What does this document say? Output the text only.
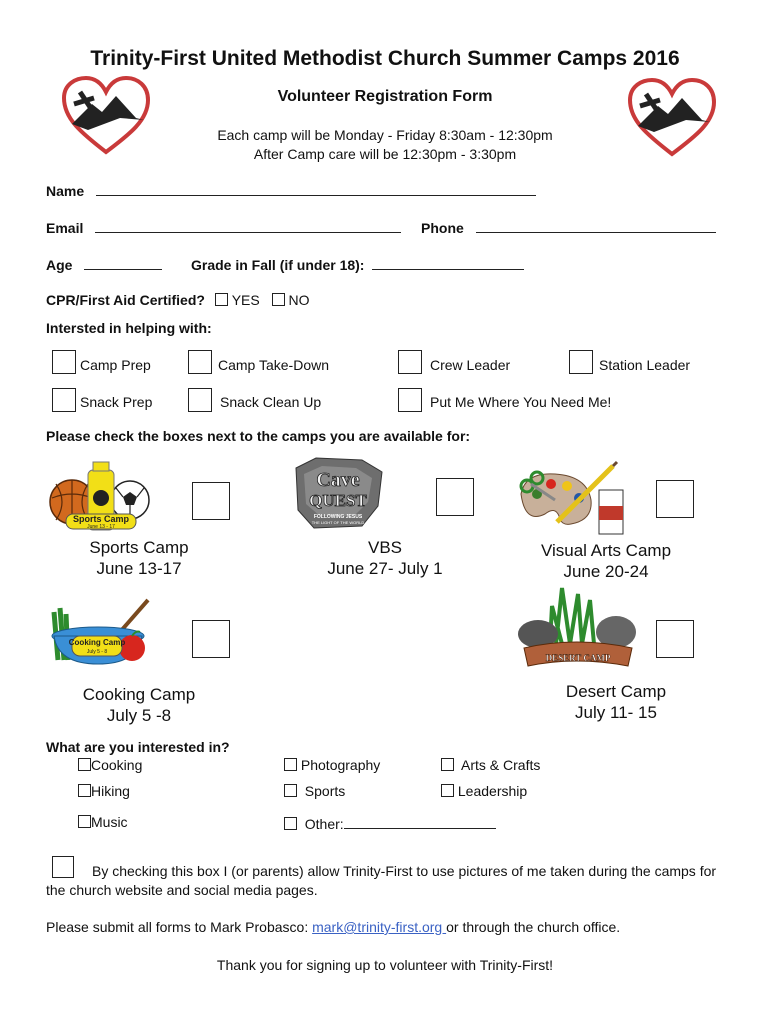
Trinity-First United Methodist Church Summer Camps 2016
Volunteer Registration Form
Each camp will be Monday - Friday 8:30am - 12:30pm
After Camp care will be 12:30pm - 3:30pm
Name
Email	Phone
Age	Grade in Fall (if under 18):
CPR/First Aid Certified? YES NO
Intersted in helping with:
Camp Prep	Camp Take-Down	Crew Leader	Station Leader
Snack Prep	Snack Clean Up	Put Me Where You Need Me!
Please check the boxes next to the camps you are available for:
Sports Camp
June 13 - 17
Sports Camp
June 13-17
Cave
QUEST
FOLLOWING JESUS
THE LIGHT OF THE WORLD
VBS
June 27- July 1
Visual Arts Camp
June 20-24
Cooking Camp
July 5 - 8
Cooking Camp
July 5 -8
DESERT CAMP
Desert Camp
July 11- 15
What are you interested in?
Cooking	Photography	Arts & Crafts
Hiking	Sports	Leadership
Music	Other:
By checking this box I (or parents) allow Trinity-First to use pictures of me taken during the camps for the church website and social media pages.
Please submit all forms to Mark Probasco: mark@trinity-first.org or through the church office.
Thank you for signing up to volunteer with Trinity-First!
